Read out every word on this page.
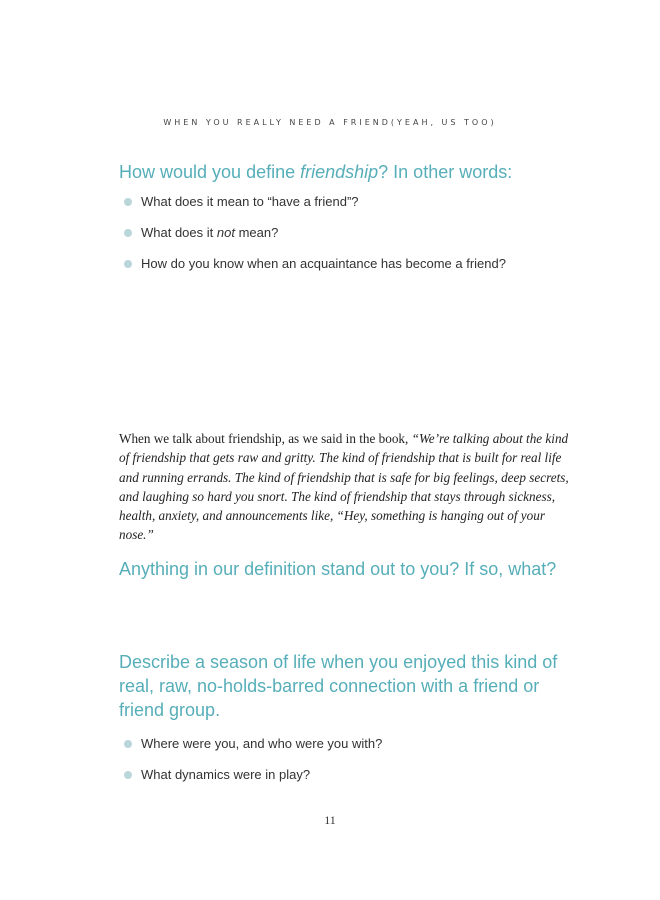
WHEN YOU REALLY NEED A FRIEND(YEAH, US TOO)
How would you define friendship? In other words:
What does it mean to “have a friend”?
What does it not mean?
How do you know when an acquaintance has become a friend?

When we talk about friendship, as we said in the book, “We’re talking about the kind of friendship that gets raw and gritty. The kind of friendship that is built for real life and running errands. The kind of friendship that is safe for big feelings, deep secrets, and laughing so hard you snort. The kind of friendship that stays through sickness, health, anxiety, and announcements like, “Hey, something is hanging out of your nose.”

Anything in our definition stand out to you? If so, what?
Describe a season of life when you enjoyed this kind of real, raw, no-holds-barred connection with a friend or friend group.
Where were you, and who were you with?
What dynamics were in play?
11
